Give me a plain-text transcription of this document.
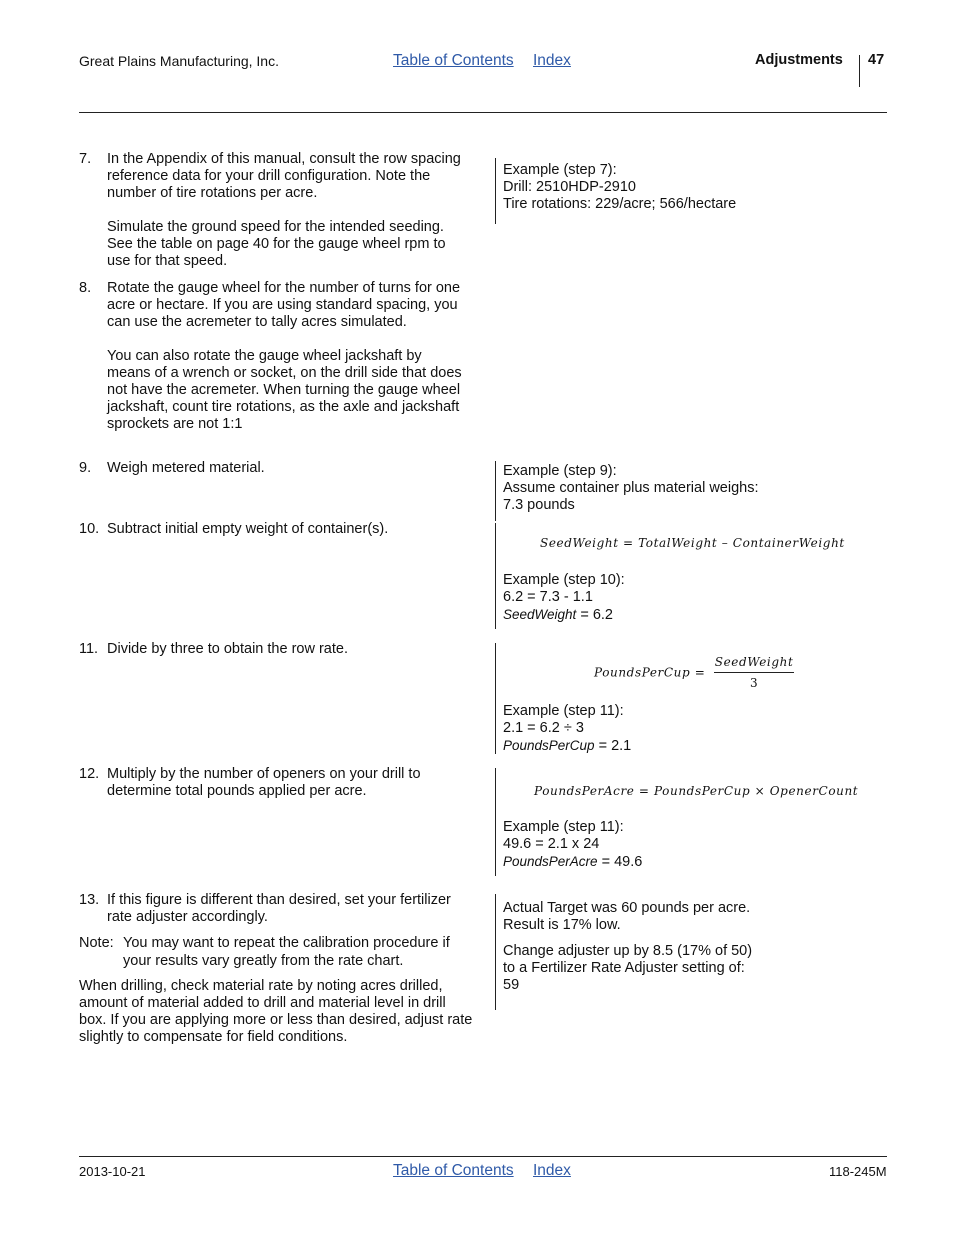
Great Plains Manufacturing, Inc.	Table of Contents Index	Adjustments 47
7. In the Appendix of this manual, consult the row spacing reference data for your drill configuration. Note the number of tire rotations per acre.

Simulate the ground speed for the intended seeding. See the table on page 40 for the gauge wheel rpm to use for that speed.

Example (step 7):

Drill: 2510HDP-2910

Tire rotations: 229/acre; 566/hectare

8. Rotate the gauge wheel for the number of turns for one acre or hectare. If you are using standard spacing, you can use the acremeter to tally acres simulated.

You can also rotate the gauge wheel jackshaft by means of a wrench or socket, on the drill side that does not have the acremeter. When turning the gauge wheel jackshaft, count tire rotations, as the axle and jackshaft sprockets are not 1:1

9. Weigh metered material.	Example (step 9):

Assume container plus material weighs:

7.3 pounds

10. Subtract initial empty weight of container(s).

SeedWeight = TotalWeight – ContainerWeight

Example (step 10):

6.2 = 7.3 - 1.1

SeedWeight = 6.2

11. Divide by three to obtain the row rate.

PoundsPerCup = $\frac{\text{SeedWeight}}{3}$

Example (step 11):

2.1 = 6.2 ÷ 3

PoundsPerCup = 2.1

12. Multiply by the number of openers on your drill to determine total pounds applied per acre.	PoundsPerAcre = PoundsPerCup × OpenerCount

Example (step 11):

49.6 = 2.1 x 24

PoundsPerAcre = 49.6

13. If this figure is different than desired, set your fertilizer rate adjuster accordingly.

Actual Target was 60 pounds per acre.

Result is 17% low.

Change adjuster up by 8.5 (17% of 50)

to a Fertilizer Rate Adjuster setting of:

59

Note: You may want to repeat the calibration procedure if your results vary greatly from the rate chart.
When drilling, check material rate by noting acres drilled, amount of material added to drill and material level in drill box. If you are applying more or less than desired, adjust rate slightly to compensate for field conditions.
2013-10-21	Table of Contents Index	118-245M
